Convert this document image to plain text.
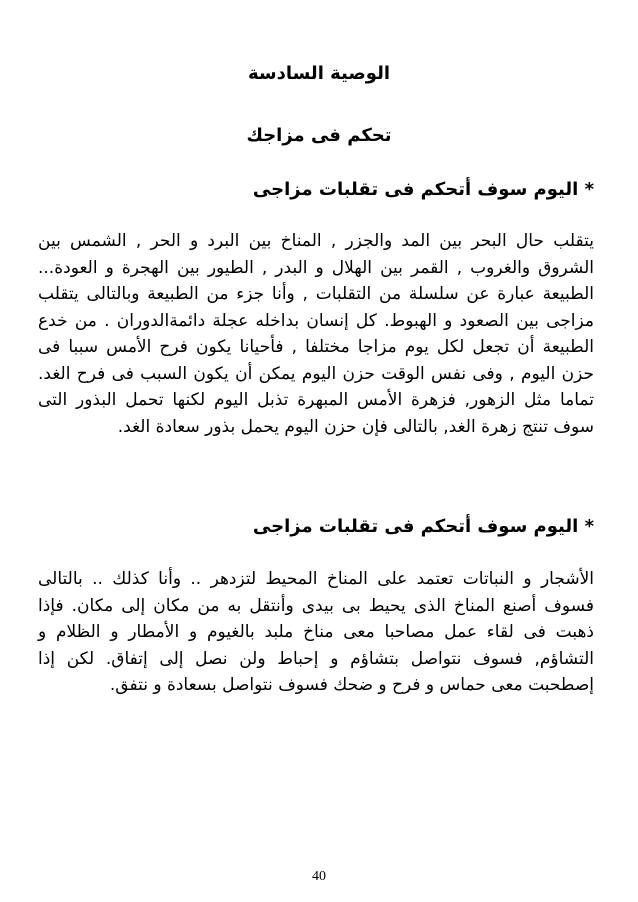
الوصية السادسة
تحكم فى مزاجك
* اليوم سوف أتحكم فى تقلبات مزاجى

يتقلب حال البحر بين المد والجزر , المناخ بين البرد و الحر , الشمس بين الشروق والغروب , القمر بين الهلال و البدر , الطيور بين الهجرة و العودة... الطبيعة عبارة عن سلسلة من التقلبات , وأنا جزء من الطبيعة وبالتالى يتقلب مزاجى بين الصعود و الهبوط. كل إنسان بداخله عجلة دائمةالدوران . من خدع الطبيعة أن تجعل لكل يوم مزاجا مختلفا , فأحيانا يكون فرح الأمس سببا فى حزن اليوم , وفى نفس الوقت حزن اليوم يمكن أن يكون السبب فى فرح الغد. تماما مثل الزهور, فزهرة الأمس المبهرة تذبل اليوم لكنها تحمل البذور التى سوف تنتج زهرة الغد, بالتالى فإن حزن اليوم يحمل بذور سعادة الغد.

* اليوم سوف أتحكم فى تقلبات مزاجى

الأشجار و النباتات تعتمد على المناخ المحيط لتزدهر .. وأنا كذلك .. بالتالى فسوف أصنع المناخ الذى يحيط بى بيدى وأنتقل به من مكان إلى مكان. فإذا ذهبت فى لقاء عمل مصاحبا معى مناخ ملبد بالغيوم و الأمطار و الظلام و التشاؤم, فسوف نتواصل بتشاؤم و إحباط ولن نصل إلى إتفاق. لكن إذا إصطحبت معى حماس و فرح و ضحك فسوف نتواصل بسعادة و نتفق.

40
